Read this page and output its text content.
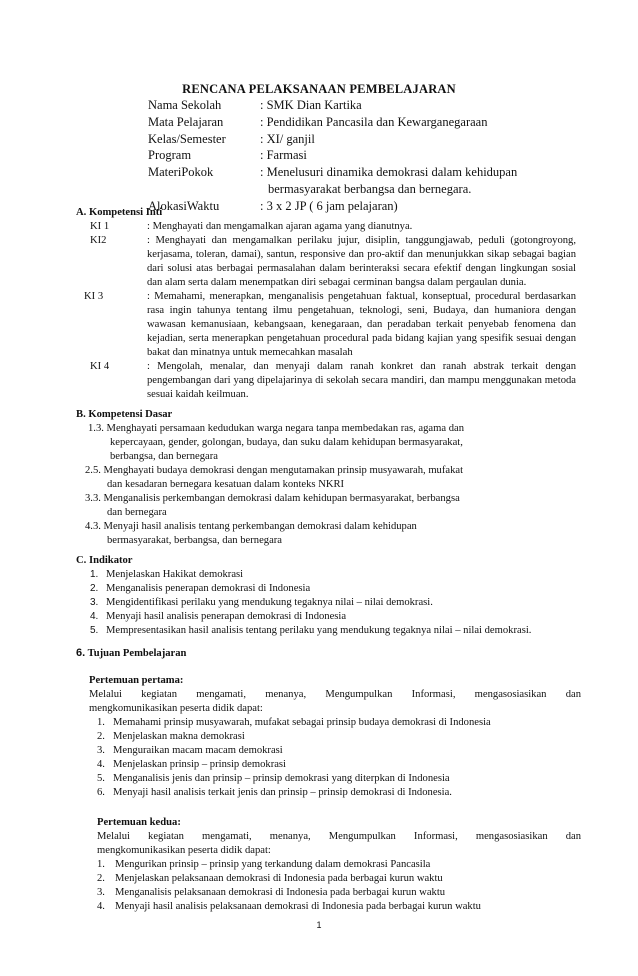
RENCANA PELAKSANAAN PEMBELAJARAN
Nama Sekolah	: SMK Dian Kartika
Mata Pelajaran	: Pendidikan Pancasila dan Kewarganegaraan
Kelas/Semester	: XI/ ganjil
Program	: Farmasi
MateriPokok	: Menelusuri dinamika demokrasi dalam kehidupan
bermasyarakat berbangsa dan bernegara.
AlokasiWaktu	: 3 x 2 JP ( 6 jam pelajaran)
A. Kompetensi Inti
KI 1	: Menghayati dan mengamalkan ajaran agama yang dianutnya.
KI2	: Menghayati dan mengamalkan perilaku jujur, disiplin, tanggungjawab, peduli (gotongroyong, kerjasama, toleran, damai), santun, responsive dan pro-aktif dan menunjukkan sikap sebagai bagian dari solusi atas berbagai permasalahan dalam berinteraksi secara efektif dengan lingkungan sosial dan alam serta dalam menempatkan diri sebagai cerminan bangsa dalam pergaulan dunia.
KI 3	: Memahami, menerapkan, menganalisis pengetahuan faktual, konseptual, procedural berdasarkan rasa ingin tahunya tentang ilmu pengetahuan, teknologi, seni, Budaya, dan humaniora dengan wawasan kemanusiaan, kebangsaan, kenegaraan, dan peradaban terkait penyebab fenomena dan kejadian, serta menerapkan pengetahuan procedural pada bidang kajian yang spesifik sesuai dengan bakat dan minatnya untuk memecahkan masalah
KI 4	: Mengolah, menalar, dan menyaji dalam ranah konkret dan ranah abstrak terkait dengan pengembangan dari yang dipelajarinya di sekolah secara mandiri, dan mampu menggunakan metoda sesuai kaidah keilmuan.
B. Kompetensi Dasar
1.3. Menghayati persamaan kedudukan warga negara tanpa membedakan ras, agama dan
kepercayaan, gender, golongan, budaya, dan suku dalam kehidupan bermasyarakat,
berbangsa, dan bernegara
2.5. Menghayati budaya demokrasi dengan mengutamakan prinsip musyawarah, mufakat
dan kesadaran bernegara kesatuan dalam konteks NKRI
3.3. Menganalisis perkembangan demokrasi dalam kehidupan bermasyarakat, berbangsa
dan bernegara
4.3. Menyaji hasil analisis tentang perkembangan demokrasi dalam kehidupan
bermasyarakat, berbangsa, dan bernegara
C. Indikator
1. Menjelaskan Hakikat demokrasi
2. Menganalisis penerapan demokrasi di Indonesia
3. Mengidentifikasi perilaku yang mendukung tegaknya nilai – nilai demokrasi.
4. Menyaji hasil analisis penerapan demokrasi di Indonesia
5. Mempresentasikan hasil analisis tentang perilaku yang mendukung tegaknya nilai – nilai demokrasi.
6. Tujuan Pembelajaran
Pertemuan pertama:
Melalui kegiatan mengamati, menanya, Mengumpulkan Informasi, mengasosiasikan dan
mengkomunikasikan peserta didik dapat:
1. Memahami prinsip musyawarah, mufakat sebagai prinsip budaya demokrasi di Indonesia
2. Menjelaskan makna demokrasi
3. Menguraikan macam macam demokrasi
4. Menjelaskan prinsip – prinsip demokrasi
5. Menganalisis jenis dan prinsip – prinsip demokrasi yang diterpkan di Indonesia
6. Menyaji hasil analisis terkait jenis dan prinsip – prinsip demokrasi di Indonesia.
Pertemuan kedua:
Melalui kegiatan mengamati, menanya, Mengumpulkan Informasi, mengasosiasikan dan
mengkomunikasikan peserta didik dapat:
1. Mengurikan prinsip – prinsip yang terkandung dalam demokrasi Pancasila
2. Menjelaskan pelaksanaan demokrasi di Indonesia pada berbagai kurun waktu
3. Menganalisis pelaksanaan demokrasi di Indonesia pada berbagai kurun waktu
4. Menyaji hasil analisis pelaksanaan demokrasi di Indonesia pada berbagai kurun waktu
1
